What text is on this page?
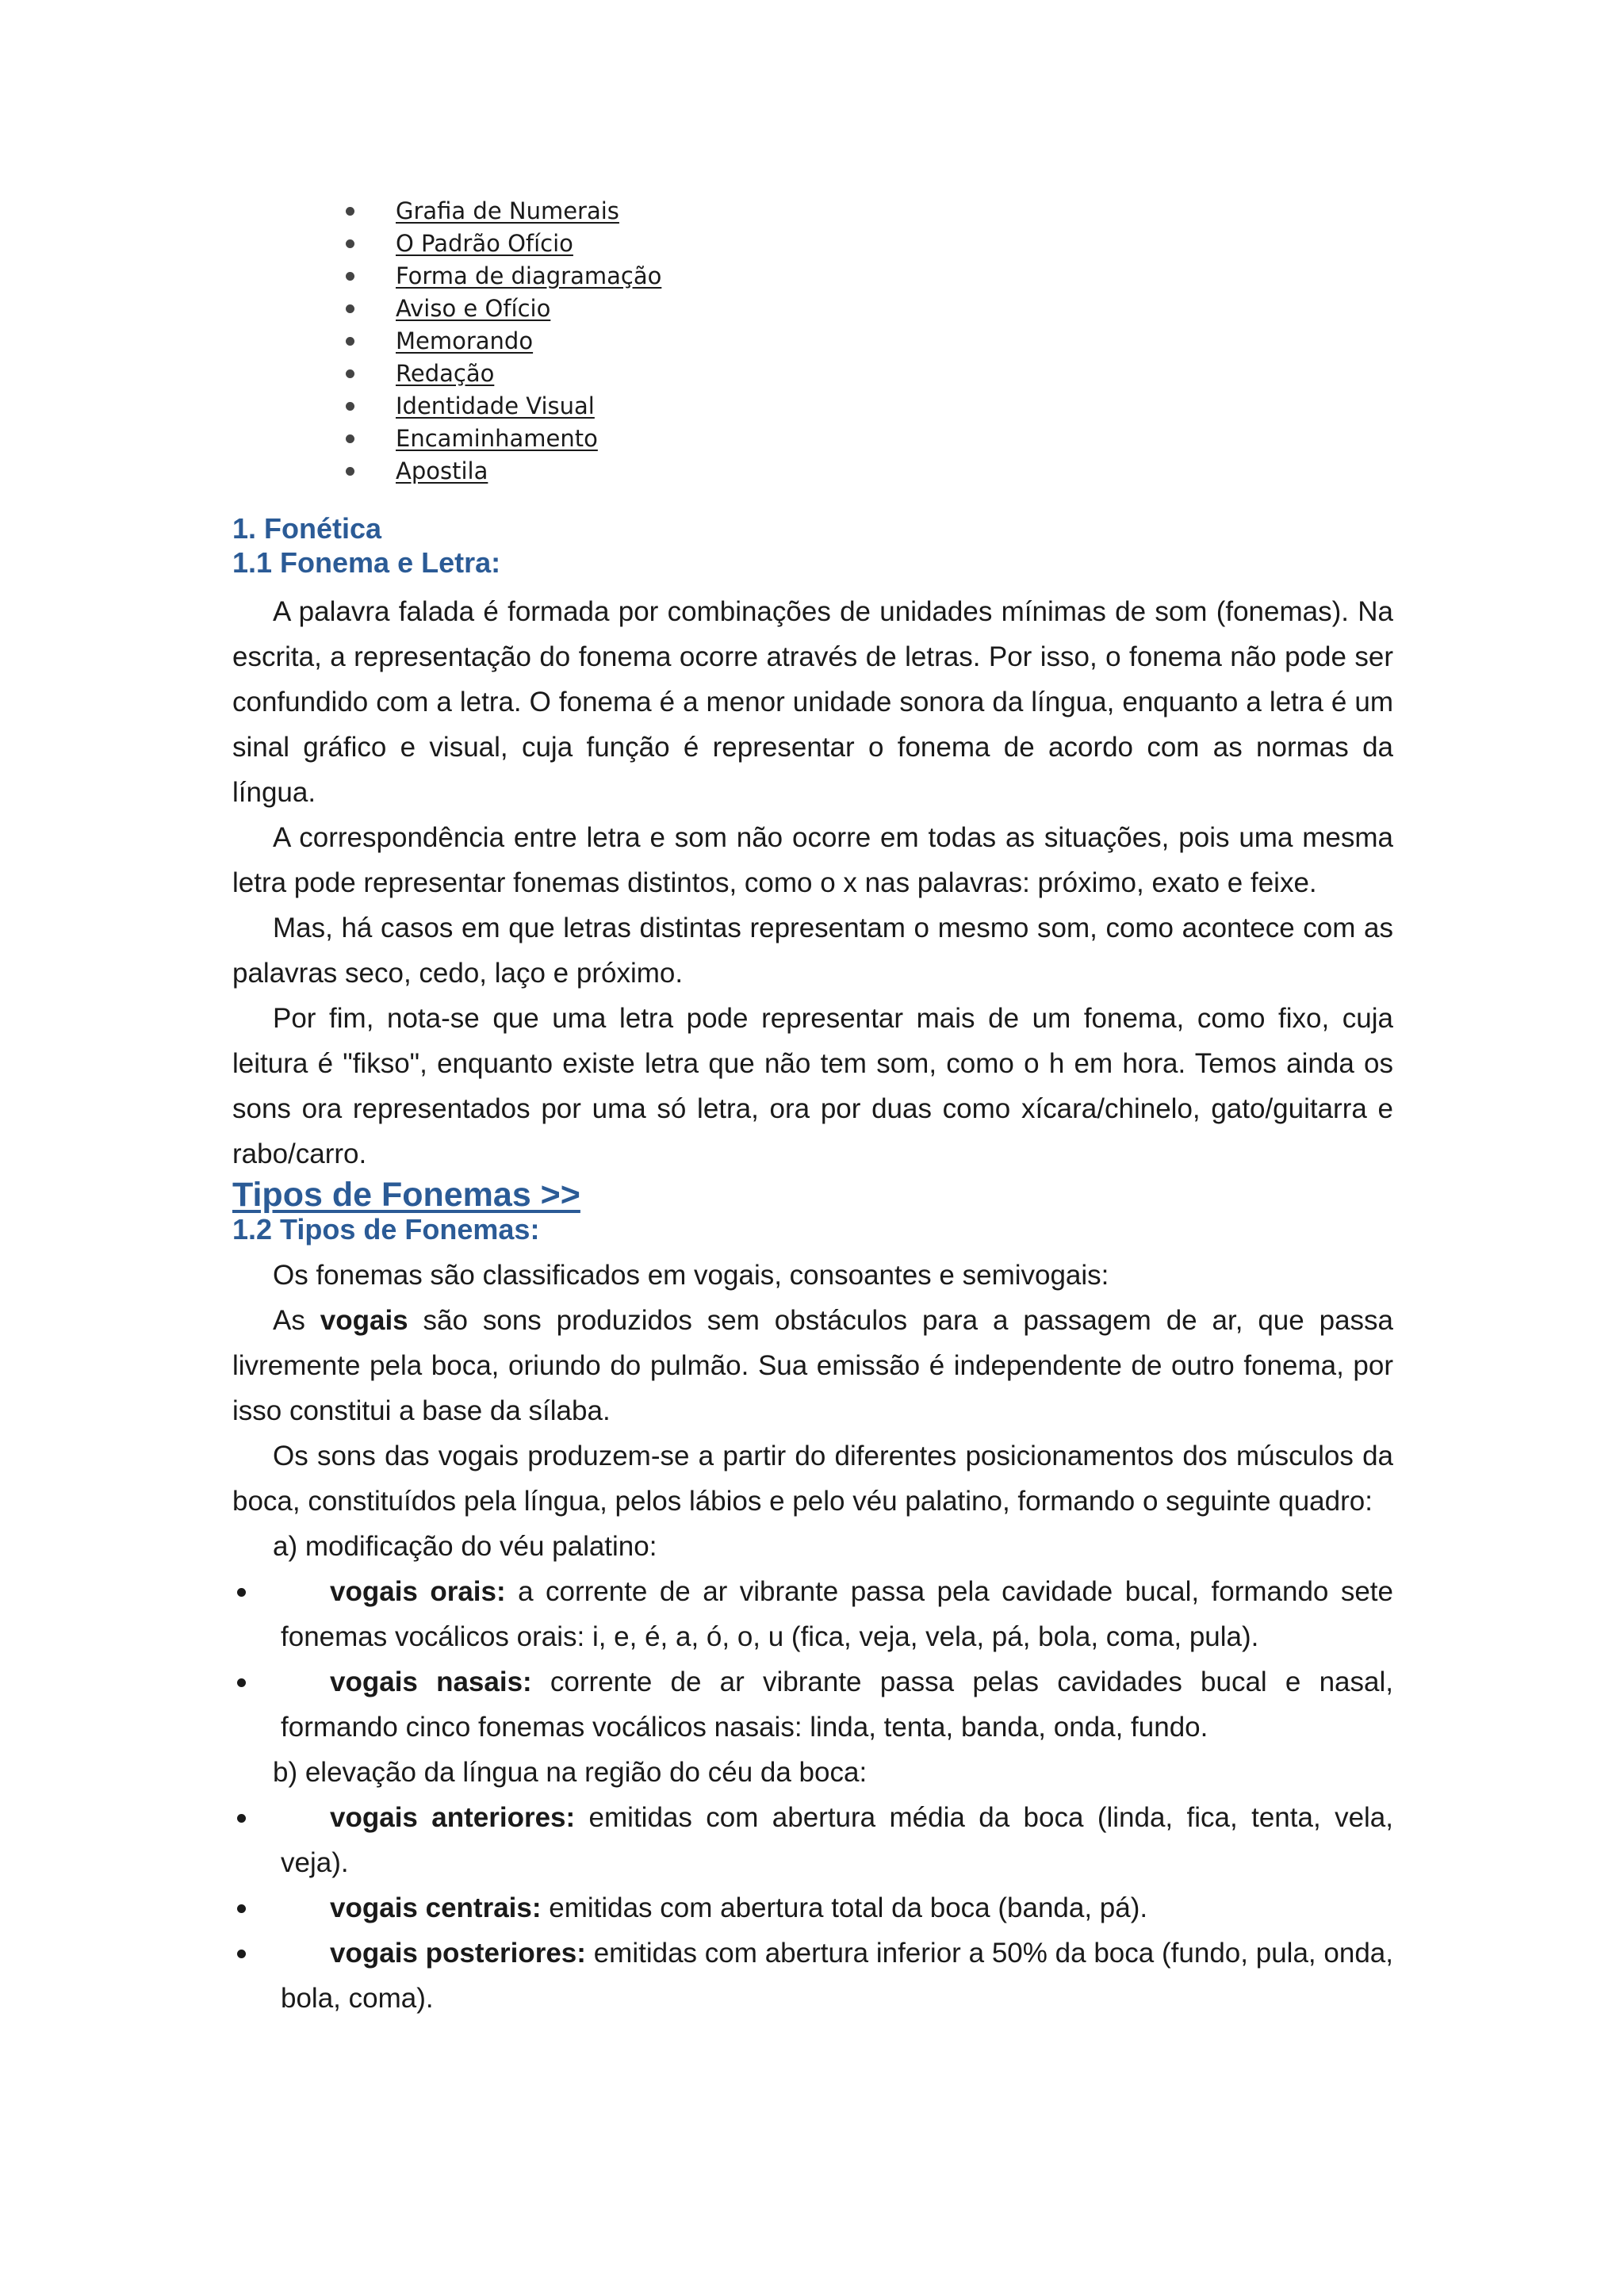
Grafia de Numerais
O Padrão Ofício
Forma de diagramação
Aviso e Ofício
Memorando
Redação
Identidade Visual
Encaminhamento
Apostila
1. Fonética
1.1 Fonema e Letra:

A palavra falada é formada por combinações de unidades mínimas de som (fonemas). Na escrita, a representação do fonema ocorre através de letras. Por isso, o fonema não pode ser confundido com a letra. O fonema é a menor unidade sonora da língua, enquanto a letra é um sinal gráfico e visual, cuja função é representar o fonema de acordo com as normas da língua.

A correspondência entre letra e som não ocorre em todas as situações, pois uma mesma letra pode representar fonemas distintos, como o x nas palavras: próximo, exato e feixe.

Mas, há casos em que letras distintas representam o mesmo som, como acontece com as palavras seco, cedo, laço e próximo.

Por fim, nota-se que uma letra pode representar mais de um fonema, como fixo, cuja leitura é "fikso", enquanto existe letra que não tem som, como o h em hora. Temos ainda os sons ora representados por uma só letra, ora por duas como xícara/chinelo, gato/guitarra e rabo/carro.

Tipos de Fonemas >>
1.2 Tipos de Fonemas:

Os fonemas são classificados em vogais, consoantes e semivogais:

As vogais são sons produzidos sem obstáculos para a passagem de ar, que passa livremente pela boca, oriundo do pulmão. Sua emissão é independente de outro fonema, por isso constitui a base da sílaba.

Os sons das vogais produzem-se a partir do diferentes posicionamentos dos músculos da boca, constituídos pela língua, pelos lábios e pelo véu palatino, formando o seguinte quadro:

a) modificação do véu palatino:

vogais orais: a corrente de ar vibrante passa pela cavidade bucal, formando sete fonemas vocálicos orais: i, e, é, a, ó, o, u (fica, veja, vela, pá, bola, coma, pula).
vogais nasais: corrente de ar vibrante passa pelas cavidades bucal e nasal, formando cinco fonemas vocálicos nasais: linda, tenta, banda, onda, fundo.

b) elevação da língua na região do céu da boca:

vogais anteriores: emitidas com abertura média da boca (linda, fica, tenta, vela, veja).
vogais centrais: emitidas com abertura total da boca (banda, pá).
vogais posteriores: emitidas com abertura inferior a 50% da boca (fundo, pula, onda, bola, coma).
